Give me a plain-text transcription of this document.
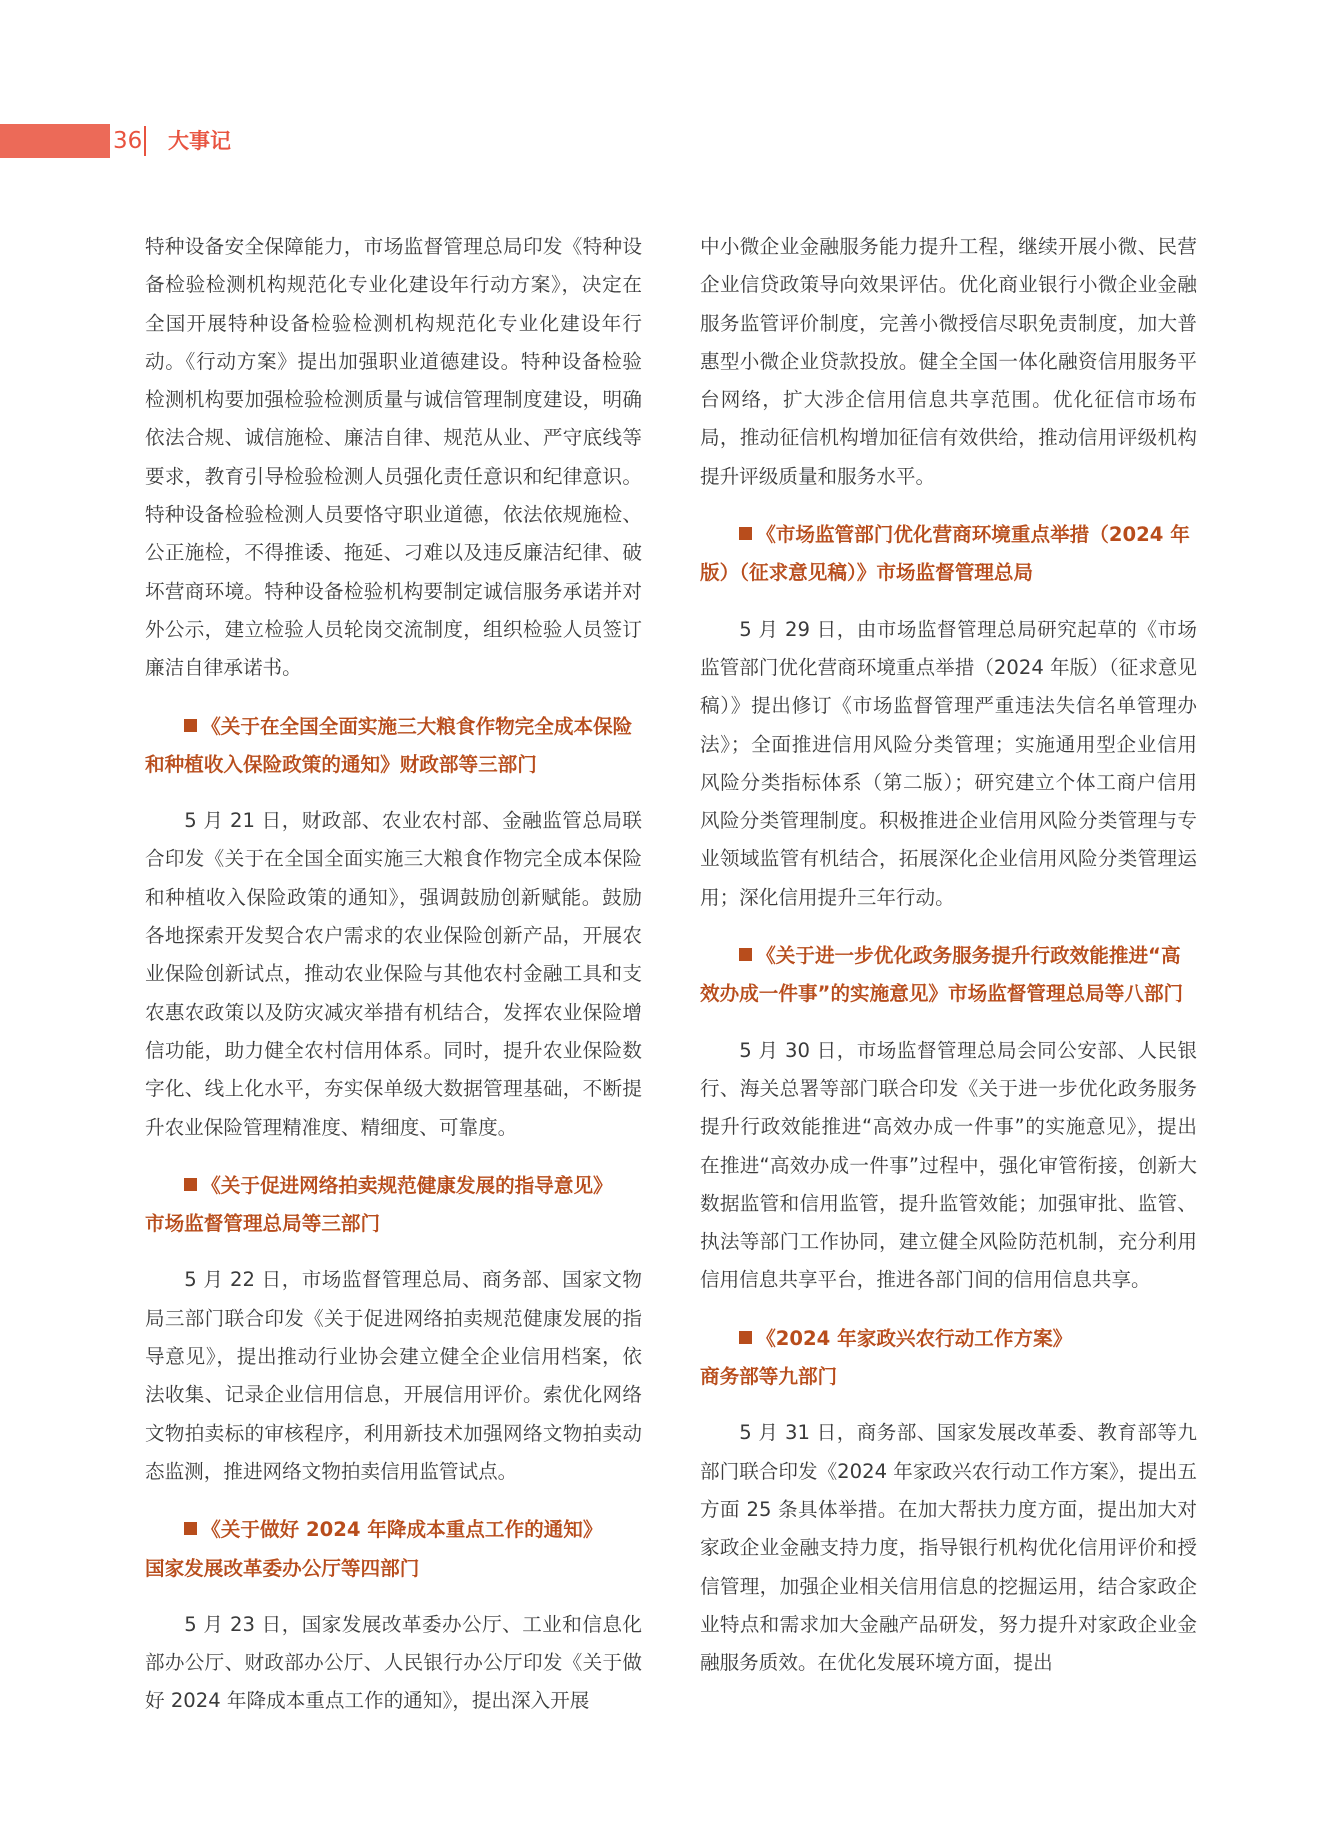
36 大事记

特种设备安全保障能力，市场监督管理总局印发《特种设备检验检测机构规范化专业化建设年行动方案》，决定在全国开展特种设备检验检测机构规范化专业化建设年行动。《行动方案》提出加强职业道德建设。特种设备检验检测机构要加强检验检测质量与诚信管理制度建设，明确依法合规、诚信施检、廉洁自律、规范从业、严守底线等要求，教育引导检验检测人员强化责任意识和纪律意识。特种设备检验检测人员要恪守职业道德，依法依规施检、公正施检，不得推诿、拖延、刁难以及违反廉洁纪律、破坏营商环境。特种设备检验机构要制定诚信服务承诺并对外公示，建立检验人员轮岗交流制度，组织检验人员签订廉洁自律承诺书。

《关于在全国全面实施三大粮食作物完全成本保险和种植收入保险政策的通知》财政部等三部门

5 月 21 日，财政部、农业农村部、金融监管总局联合印发《关于在全国全面实施三大粮食作物完全成本保险和种植收入保险政策的通知》，强调鼓励创新赋能。鼓励各地探索开发契合农户需求的农业保险创新产品，开展农业保险创新试点，推动农业保险与其他农村金融工具和支农惠农政策以及防灾减灾举措有机结合，发挥农业保险增信功能，助力健全农村信用体系。同时，提升农业保险数字化、线上化水平，夯实保单级大数据管理基础，不断提升农业保险管理精准度、精细度、可靠度。

《关于促进网络拍卖规范健康发展的指导意见》
市场监督管理总局等三部门

5 月 22 日，市场监督管理总局、商务部、国家文物局三部门联合印发《关于促进网络拍卖规范健康发展的指导意见》，提出推动行业协会建立健全企业信用档案，依法收集、记录企业信用信息，开展信用评价。索优化网络文物拍卖标的审核程序，利用新技术加强网络文物拍卖动态监测，推进网络文物拍卖信用监管试点。

《关于做好 2024 年降成本重点工作的通知》
国家发展改革委办公厅等四部门

5 月 23 日，国家发展改革委办公厅、工业和信息化部办公厅、财政部办公厅、人民银行办公厅印发《关于做好 2024 年降成本重点工作的通知》，提出深入开展

中小微企业金融服务能力提升工程，继续开展小微、民营企业信贷政策导向效果评估。优化商业银行小微企业金融服务监管评价制度，完善小微授信尽职免责制度，加大普惠型小微企业贷款投放。健全全国一体化融资信用服务平台网络，扩大涉企信用信息共享范围。优化征信市场布局，推动征信机构增加征信有效供给，推动信用评级机构提升评级质量和服务水平。

《市场监管部门优化营商环境重点举措（2024 年版）（征求意见稿）》市场监督管理总局

5 月 29 日，由市场监督管理总局研究起草的《市场监管部门优化营商环境重点举措（2024 年版）（征求意见稿）》提出修订《市场监督管理严重违法失信名单管理办法》；全面推进信用风险分类管理；实施通用型企业信用风险分类指标体系（第二版）；研究建立个体工商户信用风险分类管理制度。积极推进企业信用风险分类管理与专业领域监管有机结合，拓展深化企业信用风险分类管理运用；深化信用提升三年行动。

《关于进一步优化政务服务提升行政效能推进“高效办成一件事”的实施意见》市场监督管理总局等八部门

5 月 30 日，市场监督管理总局会同公安部、人民银行、海关总署等部门联合印发《关于进一步优化政务服务提升行政效能推进“高效办成一件事”的实施意见》，提出在推进“高效办成一件事”过程中，强化审管衔接，创新大数据监管和信用监管，提升监管效能；加强审批、监管、执法等部门工作协同，建立健全风险防范机制，充分利用信用信息共享平台，推进各部门间的信用信息共享。

《2024 年家政兴农行动工作方案》
商务部等九部门

5 月 31 日，商务部、国家发展改革委、教育部等九部门联合印发《2024 年家政兴农行动工作方案》，提出五方面 25 条具体举措。在加大帮扶力度方面，提出加大对家政企业金融支持力度，指导银行机构优化信用评价和授信管理，加强企业相关信用信息的挖掘运用，结合家政企业特点和需求加大金融产品研发，努力提升对家政企业金融服务质效。在优化发展环境方面，提出
